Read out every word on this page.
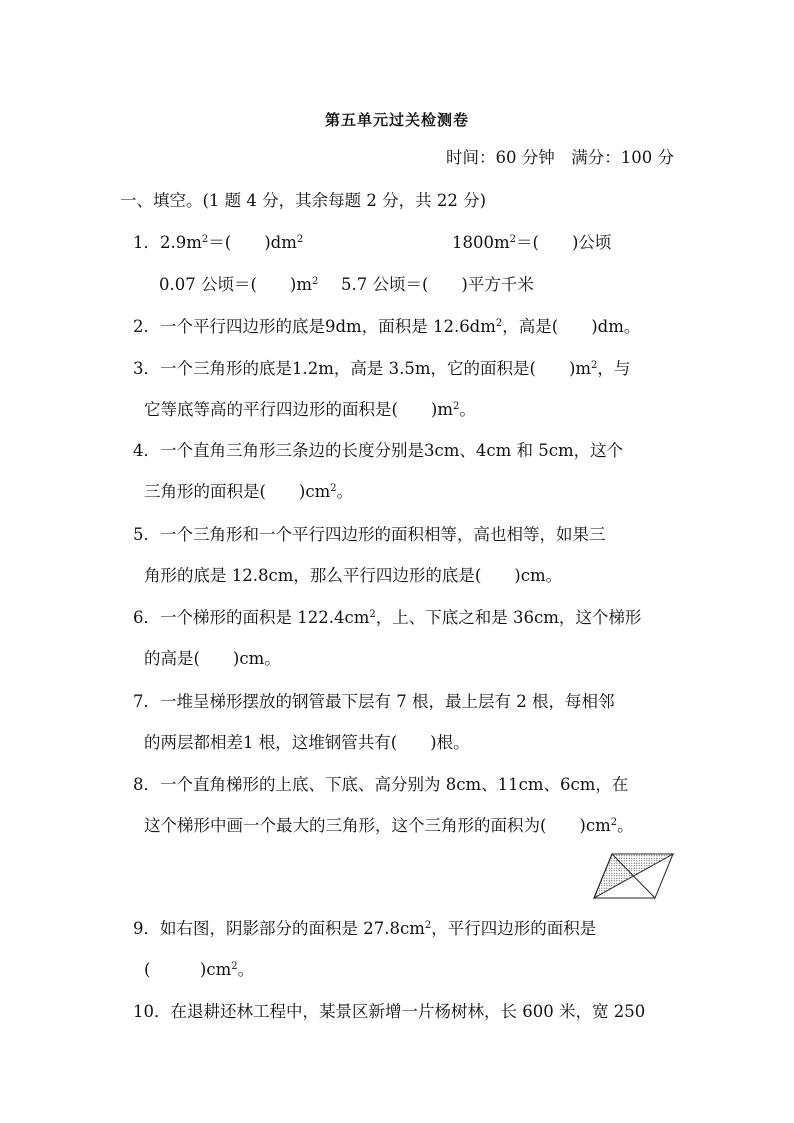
第五单元过关检测卷
时间：60 分钟　满分：100 分
一、填空。(1 题 4 分，其余每题 2 分，共 22 分)
1．$2.9m^2=$(　　)$dm^2$	$1800m^2=$(　　)公顷
0.07 公顷＝(　　)$m^2$ 5.7 公顷＝(　　)平方千米
2．一个平行四边形的底是9dm，面积是 $12.6dm^2$，高是(　　)dm。
3．一个三角形的底是1.2m，高是 3.5m，它的面积是(　　)$m^2$，与
它等底等高的平行四边形的面积是(　　)$m^2$。
4．一个直角三角形三条边的长度分别是3cm、4cm 和 5cm，这个
三角形的面积是(　　)$cm^2$。
5．一个三角形和一个平行四边形的面积相等，高也相等，如果三
角形的底是 12.8cm，那么平行四边形的底是(　　)cm。
6．一个梯形的面积是 $122.4cm^2$，上、下底之和是 36cm，这个梯形
的高是(　　)cm。
7．一堆呈梯形摆放的钢管最下层有 7 根，最上层有 2 根，每相邻
的两层都相差1 根，这堆钢管共有(　　)根。
8．一个直角梯形的上底、下底、高分别为 8cm、11cm、6cm，在
这个梯形中画一个最大的三角形，这个三角形的面积为(　　)$cm^2$。
9．如右图，阴影部分的面积是 $27.8cm^2$，平行四边形的面积是
(　　　)$cm^2$。
10．在退耕还林工程中，某景区新增一片杨树林，长 600 米，宽 250
